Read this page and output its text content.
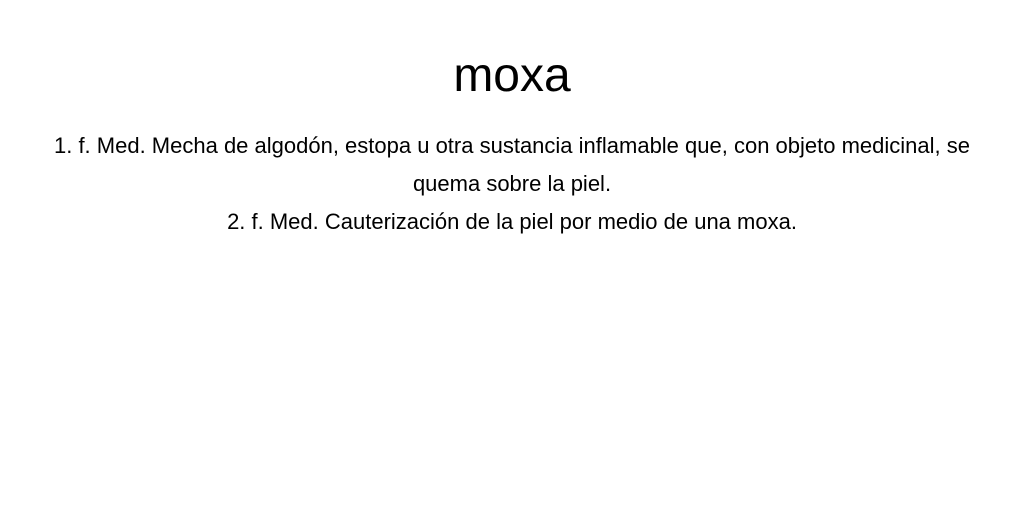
moxa
1. f. Med. Mecha de algodón, estopa u otra sustancia inflamable que, con objeto medicinal, se quema sobre la piel.
2. f. Med. Cauterización de la piel por medio de una moxa.
